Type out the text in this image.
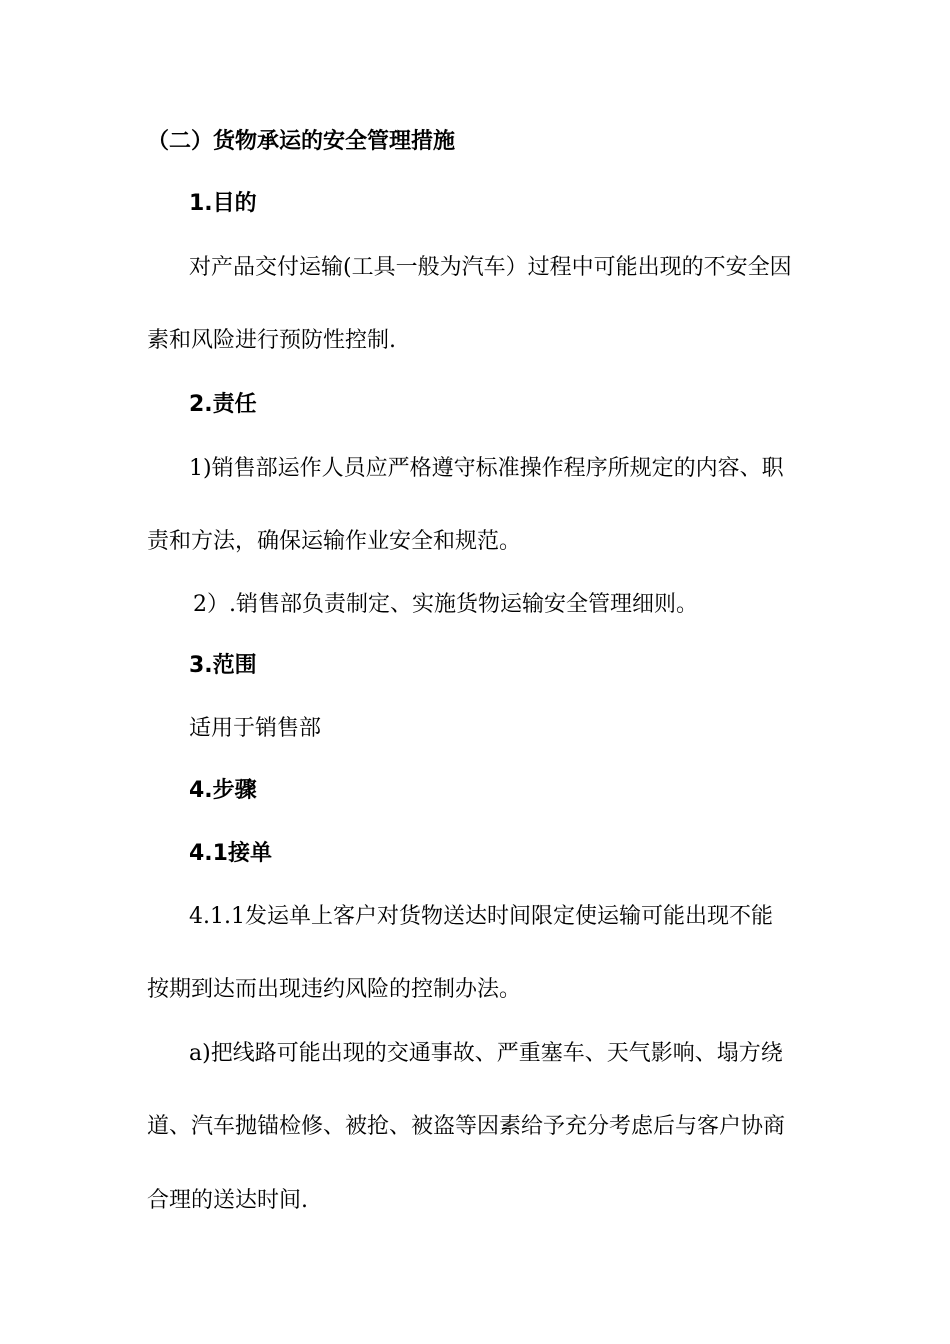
（二）货物承运的安全管理措施

1.目的

对产品交付运输(工具一般为汽车）过程中可能出现的不安全因

素和风险进行预防性控制.

2.责任

1)销售部运作人员应严格遵守标准操作程序所规定的内容、职

责和方法，确保运输作业安全和规范。

2）.销售部负责制定、实施货物运输安全管理细则。

3.范围

适用于销售部

4.步骤

4.1接单

4.1.1发运单上客户对货物送达时间限定使运输可能出现不能

按期到达而出现违约风险的控制办法。

a)把线路可能出现的交通事故、严重塞车、天气影响、塌方绕

道、汽车抛锚检修、被抢、被盗等因素给予充分考虑后与客户协商

合理的送达时间.
